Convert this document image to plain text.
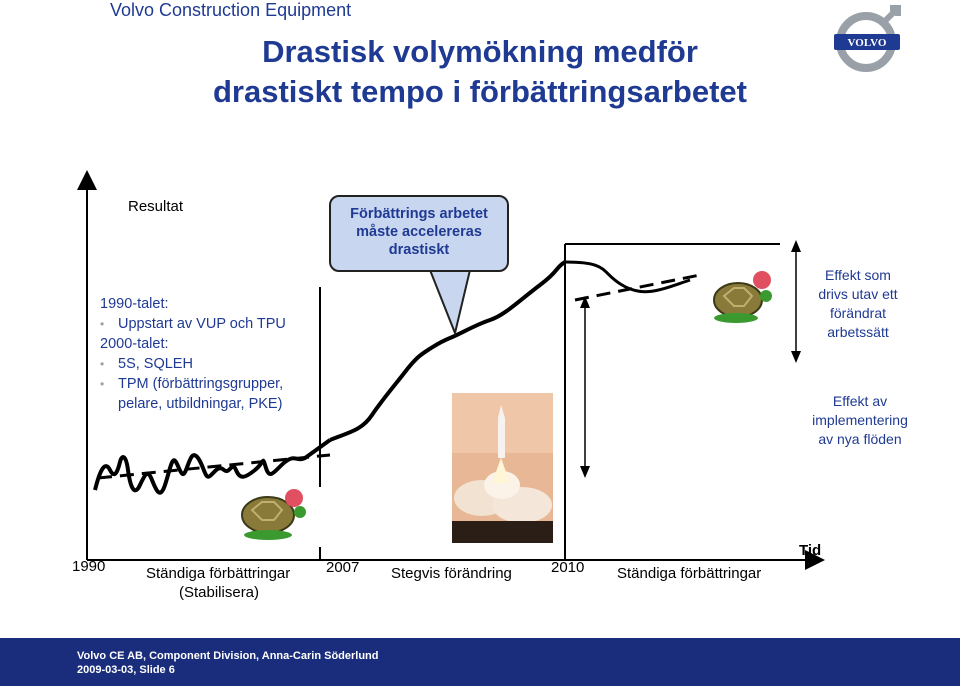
Volvo Construction Equipment
Drastisk volymökning medför
drastiskt tempo i förbättringsarbetet
VOLVO
Resultat
1990-talet:
• Uppstart av VUP och TPU
2000-talet:
• 5S, SQLEH
• TPM (förbättringsgrupper,
pelare, utbildningar, PKE)
Förbättrings arbetet
måste accelereras
drastiskt
Effekt som
drivs utav ett
förändrat
arbetssätt
Effekt av
implementering
av nya flöden
1990	Ständiga förbättringar
(Stabilisera)
2007 Stegvis förändring	2010 Ständiga förbättringar
Tid
Volvo CE AB, Component Division, Anna-Carin Söderlund
2009-03-03, Slide 6
